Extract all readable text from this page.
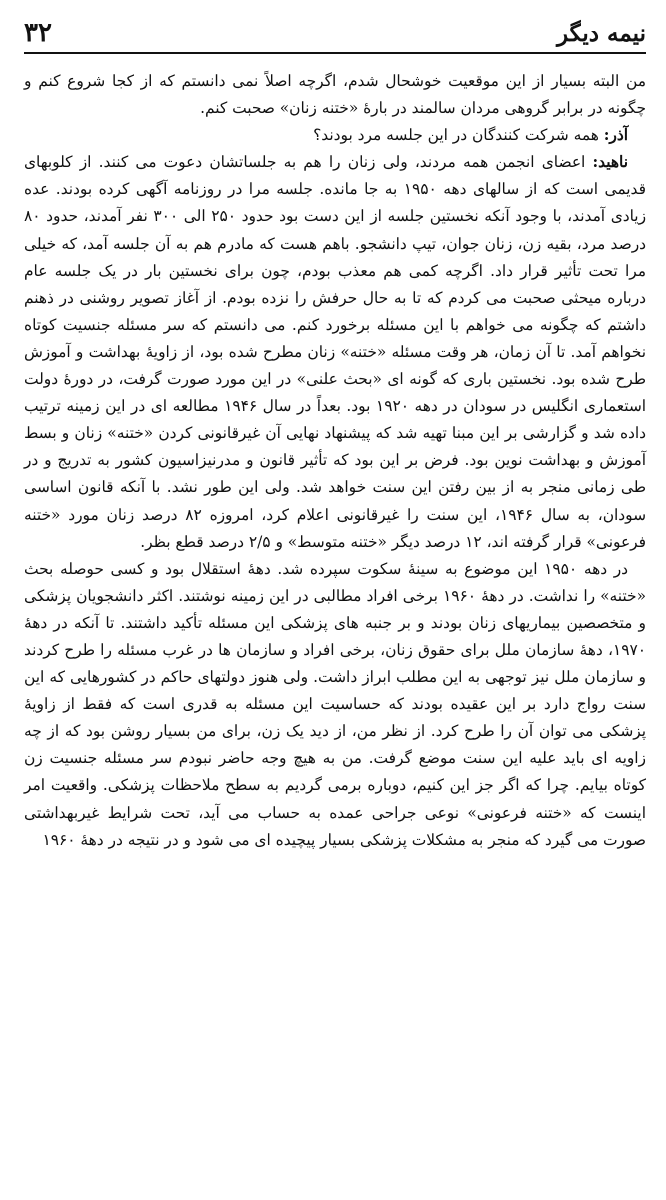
۳۲	نیمه دیگر

من البته بسیار از این موقعیت خوشحال شدم، اگرچه اصلاً نمی دانستم که از کجا شروع کنم و چگونه در برابر گروهی مردان سالمند در بارهٔ «ختنه زنان» صحبت کنم.

آذر: همه شرکت کنندگان در این جلسه مرد بودند؟

ناهید: اعضای انجمن همه مردند، ولی زنان را هم به جلساتشان دعوت می کنند. از کلوبهای قدیمی است که از سالهای دهه ۱۹۵۰ به جا مانده. جلسه مرا در روزنامه آگهی کرده بودند. عده زیادی آمدند، با وجود آنکه نخستین جلسه از این دست بود حدود ۲۵۰ الی ۳۰۰ نفر آمدند، حدود ۸۰ درصد مرد، بقیه زن، زنان جوان، تیپ دانشجو. باهم هست که مادرم هم به آن جلسه آمد، که خیلی مرا تحت تأثیر قرار داد. اگرچه کمی هم معذب بودم، چون برای نخستین بار در یک جلسه عام درباره میحثی صحبت می کردم که تا به حال حرفش را نزده بودم. از آغاز تصویر روشنی در ذهنم داشتم که چگونه می خواهم با این مسئله برخورد کنم. می دانستم که سر مسئله جنسیت کوتاه نخواهم آمد. تا آن زمان، هر وقت مسئله «ختنه» زنان مطرح شده بود، از زاویهٔ بهداشت و آموزش طرح شده بود. نخستین باری که گونه ای «بحث علنی» در این مورد صورت گرفت، در دورهٔ دولت استعماری انگلیس در سودان در دهه ۱۹۲۰ بود. بعداً در سال ۱۹۴۶ مطالعه ای در این زمینه ترتیب داده شد و گزارشی بر این مبنا تهیه شد که پیشنهاد نهایی آن غیرقانونی کردن «ختنه» زنان و بسط آموزش و بهداشت نوین بود. فرض بر این بود که تأثیر قانون و مدرنیزاسیون کشور به تدریج و در طی زمانی منجر به از بین رفتن این سنت خواهد شد. ولی این طور نشد. با آنکه قانون اساسی سودان، به سال ۱۹۴۶، این سنت را غیرقانونی اعلام کرد، امروزه ۸۲ درصد زنان مورد «ختنه فرعونی» قرار گرفته اند، ۱۲ درصد دیگر «ختنه متوسط» و ۲/۵ درصد قطع بظر.

در دهه ۱۹۵۰ این موضوع به سینهٔ سکوت سپرده شد. دههٔ استقلال بود و کسی حوصله بحث «ختنه» را نداشت. در دههٔ ۱۹۶۰ برخی افراد مطالبی در این زمینه نوشتند. اکثر دانشجویان پزشکی و متخصصین بیماریهای زنان بودند و بر جنبه های پزشکی این مسئله تأکید داشتند. تا آنکه در دههٔ ۱۹۷۰، دههٔ سازمان ملل برای حقوق زنان، برخی افراد و سازمان ها در غرب مسئله را طرح کردند و سازمان ملل نیز توجهی به این مطلب ابراز داشت. ولی هنوز دولتهای حاکم در کشورهایی که این سنت رواج دارد بر این عقیده بودند که حساسیت این مسئله به قدری است که فقط از زاویهٔ پزشکی می توان آن را طرح کرد. از نظر من، از دید یک زن، برای من بسیار روشن بود که از چه زاویه ای باید علیه این سنت موضع گرفت. من به هیچ وجه حاضر نبودم سر مسئله جنسیت زن کوتاه بیایم. چرا که اگر جز این کنیم، دوباره برمی گردیم به سطح ملاحظات پزشکی. واقعیت امر اینست که «ختنه فرعونی» نوعی جراحی عمده به حساب می آید، تحت شرایط غیربهداشتی صورت می گیرد که منجر به مشکلات پزشکی بسیار پیچیده ای می شود و در نتیجه در دههٔ ۱۹۶۰
